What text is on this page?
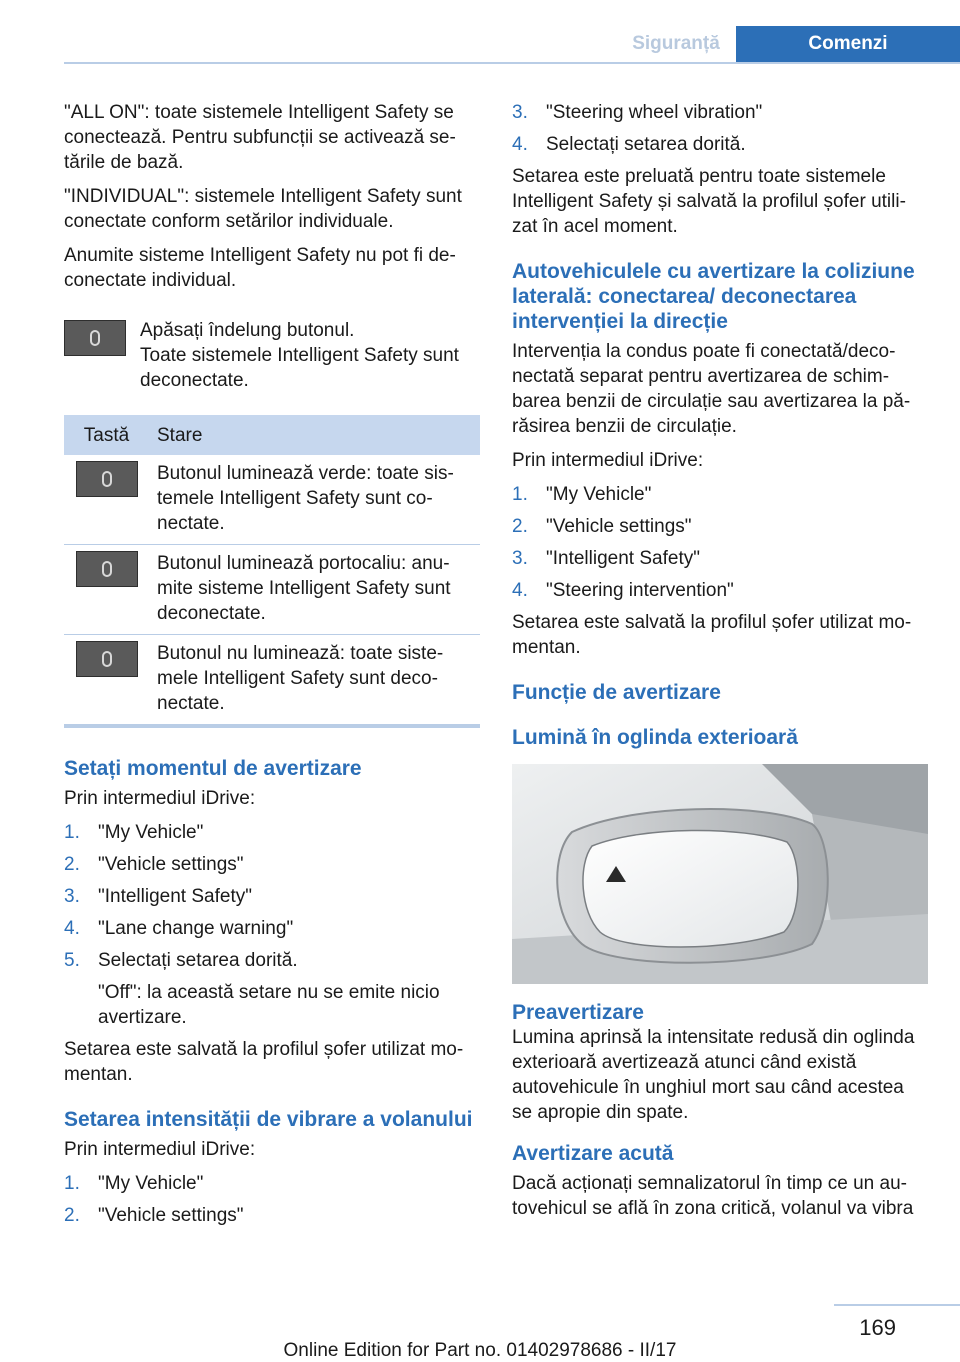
Siguranță	Comenzi

"ALL ON": toate sistemele Intelligent Safety se conectează. Pentru subfuncții se activează se-tările de bază.

"INDIVIDUAL": sistemele Intelligent Safety sunt conectate conform setărilor individuale.

Anumite sisteme Intelligent Safety nu pot fi de-conectate individual.

Apăsați îndelung butonul.
Toate sistemele Intelligent Safety sunt deconectate.
Tastă	Stare
	Butonul luminează verde: toate sis-temele Intelligent Safety sunt co-nectate.
	Butonul luminează portocaliu: anu-mite sisteme Intelligent Safety sunt deconectate.
	Butonul nu luminează: toate siste-mele Intelligent Safety sunt deco-nectate.
Setați momentul de avertizare

Prin intermediul iDrive:

1. "My Vehicle"
2. "Vehicle settings"
3. "Intelligent Safety"
4. "Lane change warning"
5. Selectați setarea dorită.
"Off": la această setare nu se emite nicio avertizare.

Setarea este salvată la profilul șofer utilizat mo-mentan.

Setarea intensității de vibrare a volanului

Prin intermediul iDrive:

1. "My Vehicle"
2. "Vehicle settings"
3. "Steering wheel vibration"
4. Selectați setarea dorită.

Setarea este preluată pentru toate sistemele Intelligent Safety și salvată la profilul șofer utili-zat în acel moment.

Autovehiculele cu avertizare la coliziune laterală: conectarea/ deconectarea intervenției la direcție

Intervenția la condus poate fi conectată/deco-nectată separat pentru avertizarea de schim-barea benzii de circulație sau avertizarea la pă-răsirea benzii de circulație.

Prin intermediul iDrive:

1. "My Vehicle"
2. "Vehicle settings"
3. "Intelligent Safety"
4. "Steering intervention"

Setarea este salvată la profilul șofer utilizat mo-mentan.

Funcție de avertizare
Lumină în oglinda exterioară
Preavertizare

Lumina aprinsă la intensitate redusă din oglinda exterioară avertizează atunci când există autovehicule în unghiul mort sau când acestea se apropie din spate.

Avertizare acută

Dacă acționați semnalizatorul în timp ce un au-tovehicul se află în zona critică, volanul va vibra

169
Online Edition for Part no. 01402978686 - II/17
